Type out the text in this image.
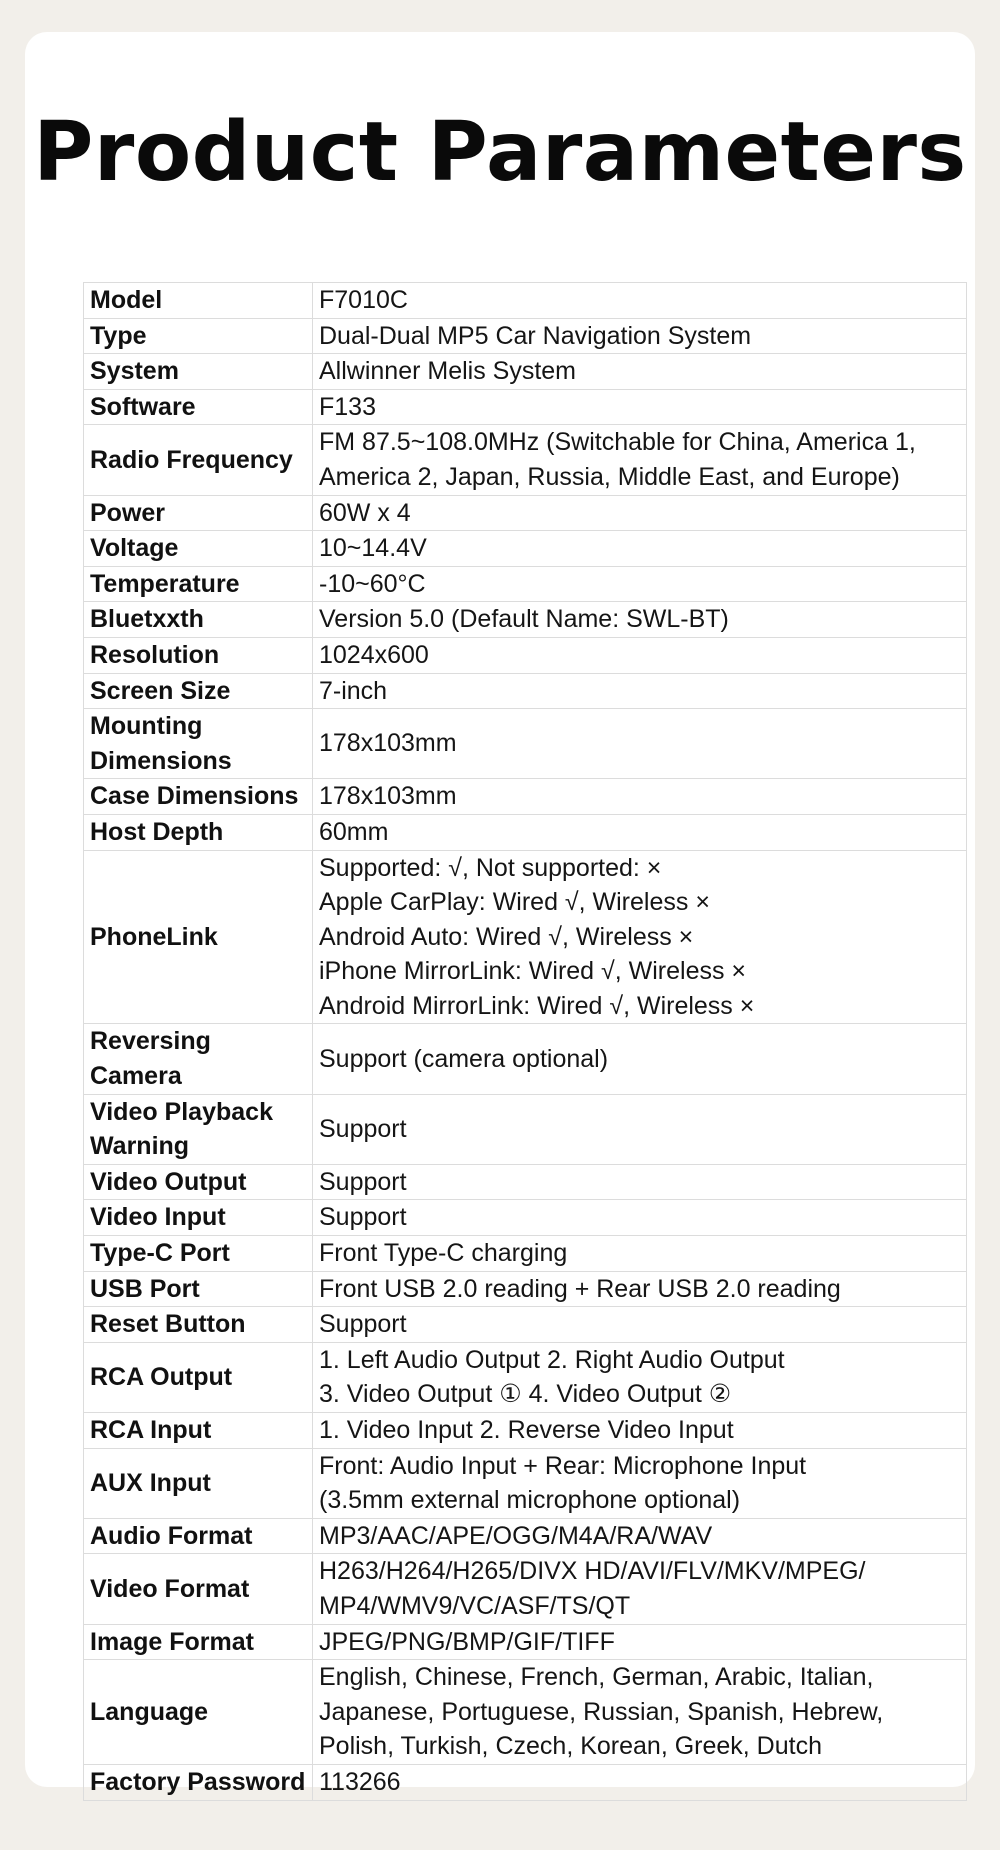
Product Parameters
Model	F7010C
Type	Dual-Dual MP5 Car Navigation System
System	Allwinner Melis System
Software	F133
Radio Frequency	FM 87.5~108.0MHz (Switchable for China, America 1,
America 2, Japan, Russia, Middle East, and Europe)
Power	60W x 4
Voltage	10~14.4V
Temperature	-10~60°C
Bluetxxth	Version 5.0 (Default Name: SWL-BT)
Resolution	1024x600
Screen Size	7-inch
Mounting
Dimensions	178x103mm
Case Dimensions	178x103mm
Host Depth	60mm
PhoneLink	Supported: √, Not supported: ×
Apple CarPlay: Wired √, Wireless ×
Android Auto: Wired √, Wireless ×
iPhone MirrorLink: Wired √, Wireless ×
Android MirrorLink: Wired √, Wireless ×
Reversing Camera	Support (camera optional)
Video Playback
Warning	Support
Video Output	Support
Video Input	Support
Type-C Port	Front Type-C charging
USB Port	Front USB 2.0 reading + Rear USB 2.0 reading
Reset Button	Support
RCA Output	1. Left Audio Output 2. Right Audio Output
3. Video Output ① 4. Video Output ②
RCA Input	1. Video Input 2. Reverse Video Input
AUX Input	Front: Audio Input + Rear: Microphone Input
(3.5mm external microphone optional)
Audio Format	MP3/AAC/APE/OGG/M4A/RA/WAV
Video Format	H263/H264/H265/DIVX HD/AVI/FLV/MKV/MPEG/
MP4/WMV9/VC/ASF/TS/QT
Image Format	JPEG/PNG/BMP/GIF/TIFF
Language	English, Chinese, French, German, Arabic, Italian,
Japanese, Portuguese, Russian, Spanish, Hebrew,
Polish, Turkish, Czech, Korean, Greek, Dutch
Factory Password	113266
